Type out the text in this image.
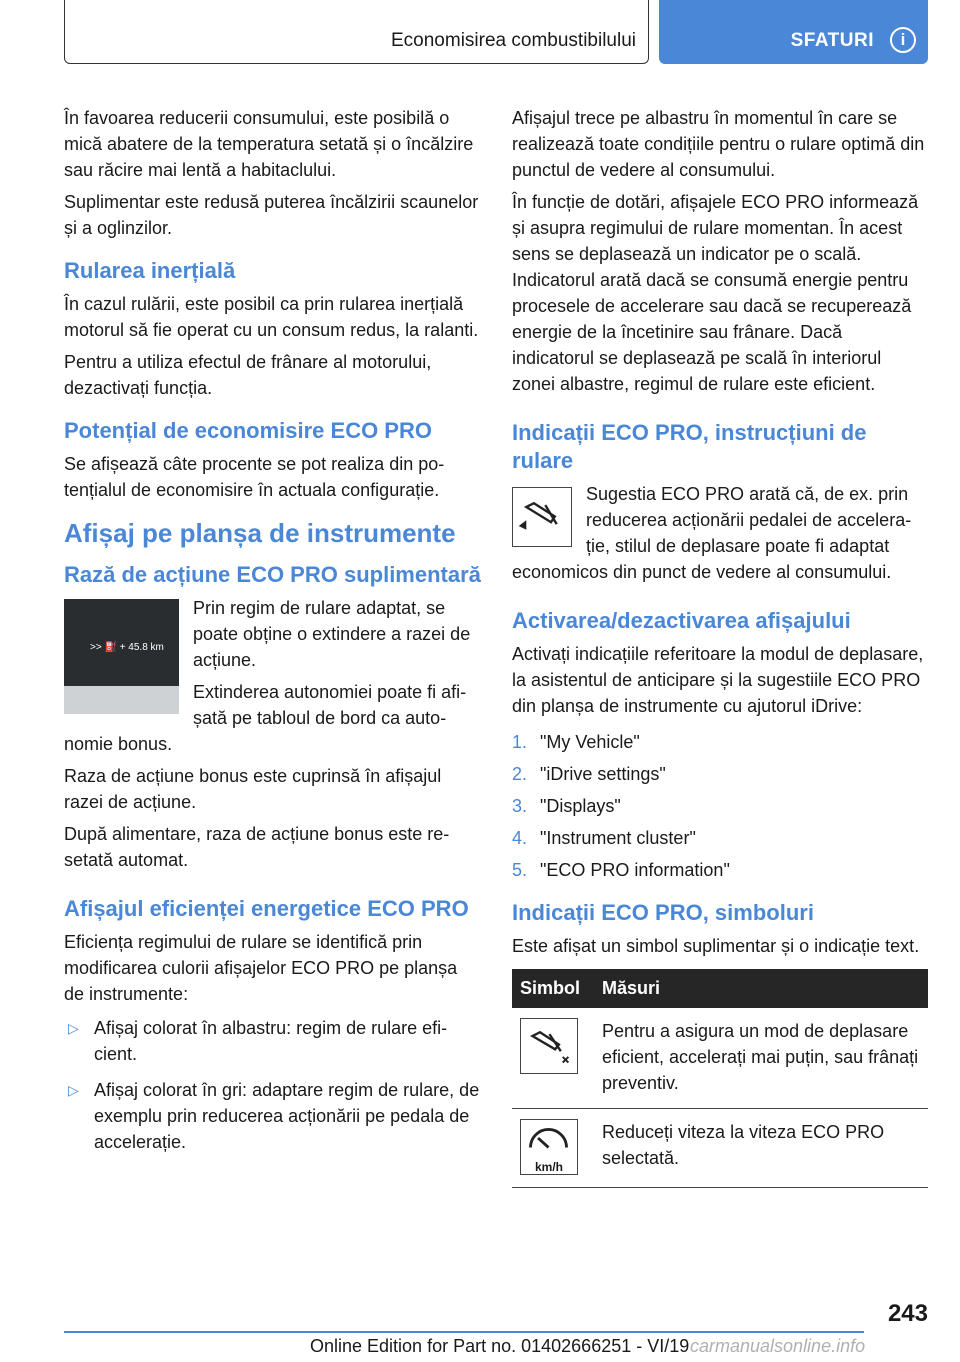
Economisirea combustibilului	SFATURI	i

În favoarea reducerii consumului, este posibilă o mică abatere de la temperatura setată și o încălzire sau răcire mai lentă a habitaclului.

Suplimentar este redusă puterea încălzirii scaunelor și a oglinzilor.

Rularea inerțială

În cazul rulării, este posibil ca prin rularea inerțială motorul să fie operat cu un consum redus, la ralanti.

Pentru a utiliza efectul de frânare al motorului, dezactivați funcția.

Potențial de economisire ECO PRO

Se afișează câte procente se pot realiza din potențialul de economisire în actuala configurație.

Afișaj pe planșa de instrumente
Rază de acțiune ECO PRO suplimentară
>> ⛽ + 45.8 km

Prin regim de rulare adaptat, se poate obține o extindere a razei de acțiune.

Extinderea autonomiei poate fi afișată pe tabloul de bord ca autonomie bonus.

Raza de acțiune bonus este cuprinsă în afișajul razei de acțiune.

După alimentare, raza de acțiune bonus este resetată automat.

Afișajul eficienței energetice ECO PRO

Eficiența regimului de rulare se identifică prin modificarea culorii afișajelor ECO PRO pe planșa de instrumente:

▷ Afișaj colorat în albastru: regim de rulare eficient.
▷ Afișaj colorat în gri: adaptare regim de rulare, de exemplu prin reducerea acționării pe pedala de accelerație.

Afișajul trece pe albastru în momentul în care se realizează toate condițiile pentru o rulare optimă din punctul de vedere al consumului.

În funcție de dotări, afișajele ECO PRO informează și asupra regimului de rulare momentan. În acest sens se deplasează un indicator pe o scală. Indicatorul arată dacă se consumă energie pentru procesele de accelerare sau dacă se recuperează energie de la încetinire sau frânare. Dacă indicatorul se deplasează pe scală în interiorul zonei albastre, regimul de rulare este eficient.

Indicații ECO PRO, instrucțiuni de rulare

Sugestia ECO PRO arată că, de ex. prin reducerea acționării pedalei de accelerație, stilul de deplasare poate fi adaptat economicos din punct de vedere al consumului.

Activarea/dezactivarea afișajului

Activați indicațiile referitoare la modul de deplasare, la asistentul de anticipare și la sugestiile ECO PRO din planșa de instrumente cu ajutorul iDrive:

1. "My Vehicle"
2. "iDrive settings"
3. "Displays"
4. "Instrument cluster"
5. "ECO PRO information"
Indicații ECO PRO, simboluri

Este afișat un simbol suplimentar și o indicație text.

Simbol	Măsuri

	Pentru a asigura un mod de deplasare eficient, accelerați mai puțin, sau frânați preventiv.

km/h	Reduceți viteza la viteza ECO PRO selectată.
243
Online Edition for Part no. 01402666251 - VI/19 carmanualsonline.info
